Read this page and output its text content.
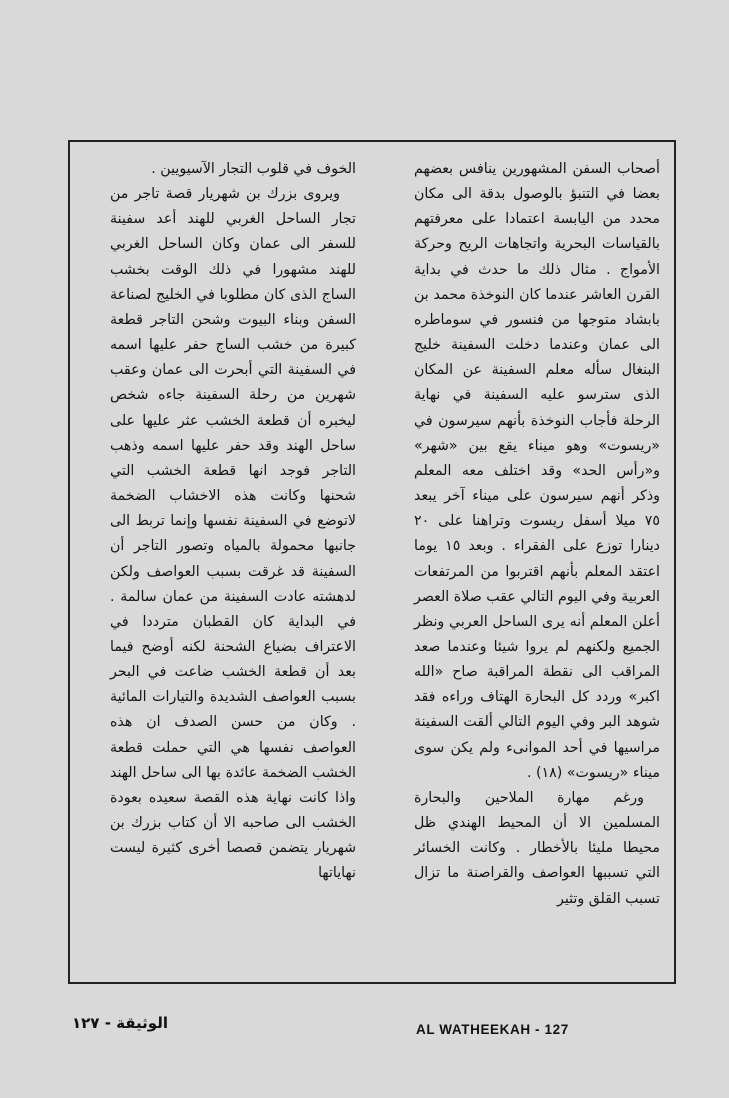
أصحاب السفن المشهورين ينافس بعضهم بعضا في التنبؤ بالوصول بدقة الى مكان محدد من اليابسة اعتمادا على معرفتهم بالقياسات البحرية واتجاهات الريح وحركة الأمواج . مثال ذلك ما حدث في بداية القرن العاشر عندما كان النوخذة محمد بن بابشاد متوجها من فنسور في سوماطره الى عمان وعندما دخلت السفينة خليج البنغال سأله معلم السفينة عن المكان الذى سترسو عليه السفينة في نهاية الرحلة فأجاب النوخذة بأنهم سيرسون في «ريسوت» وهو ميناء يقع بين «شهر» و«رأس الحد» وقد اختلف معه المعلم وذكر أنهم سيرسون على ميناء آخر يبعد ٧٥ ميلا أسفل ريسوت وتراهنا على ٢٠ دينارا توزع على الفقراء . وبعد ١٥ يوما اعتقد المعلم بأنهم اقتربوا من المرتفعات العربية وفي اليوم التالي عقب صلاة العصر أعلن المعلم أنه يرى الساحل العربي ونظر الجميع ولكنهم لم يروا شيئا وعندما صعد المراقب الى نقطة المراقبة صاح «الله اكبر» وردد كل البحارة الهتاف وراءه فقد شوهد البر وفي اليوم التالي ألقت السفينة مراسيها في أحد الموانىء ولم يكن سوى ميناء «ريسوت» (١٨) .

ورغم مهارة الملاحين والبحارة المسلمين الا أن المحيط الهندي ظل محيطا مليئا بالأخطار . وكانت الخسائر التي تسببها العواصف والقراصنة ما تزال تسبب القلق وتثير

الخوف في قلوب التجار الآسيويين .

ويروى بزرك بن شهريار قصة تاجر من تجار الساحل الغربي للهند أعد سفينة للسفر الى عمان وكان الساحل الغربي للهند مشهورا في ذلك الوقت بخشب الساج الذى كان مطلوبا في الخليج لصناعة السفن وبناء البيوت وشحن التاجر قطعة كبيرة من خشب الساج حفر عليها اسمه في السفينة التي أبحرت الى عمان وعقب شهرين من رحلة السفينة جاءه شخص ليخبره أن قطعة الخشب عثر عليها على ساحل الهند وقد حفر عليها اسمه وذهب التاجر فوجد انها قطعة الخشب التي شحنها وكانت هذه الاخشاب الضخمة لاتوضع في السفينة نفسها وإنما تربط الى جانبها محمولة بالمياه وتصور التاجر أن السفينة قد غرقت بسبب العواصف ولكن لدهشته عادت السفينة من عمان سالمة . في البداية كان القطبان مترددا في الاعتراف بضياع الشحنة لكنه أوضح فيما بعد أن قطعة الخشب ضاعت في البحر بسبب العواصف الشديدة والتيارات المائية . وكان من حسن الصدف ان هذه العواصف نفسها هي التي حملت قطعة الخشب الضخمة عائدة بها الى ساحل الهند واذا كانت نهاية هذه القصة سعيده بعودة الخشب الى صاحبه الا أن كتاب بزرك بن شهريار يتضمن قصصا أخرى كثيرة ليست نهاياتها

AL WATHEEKAH - 127
الوثيقة - ١٢٧
